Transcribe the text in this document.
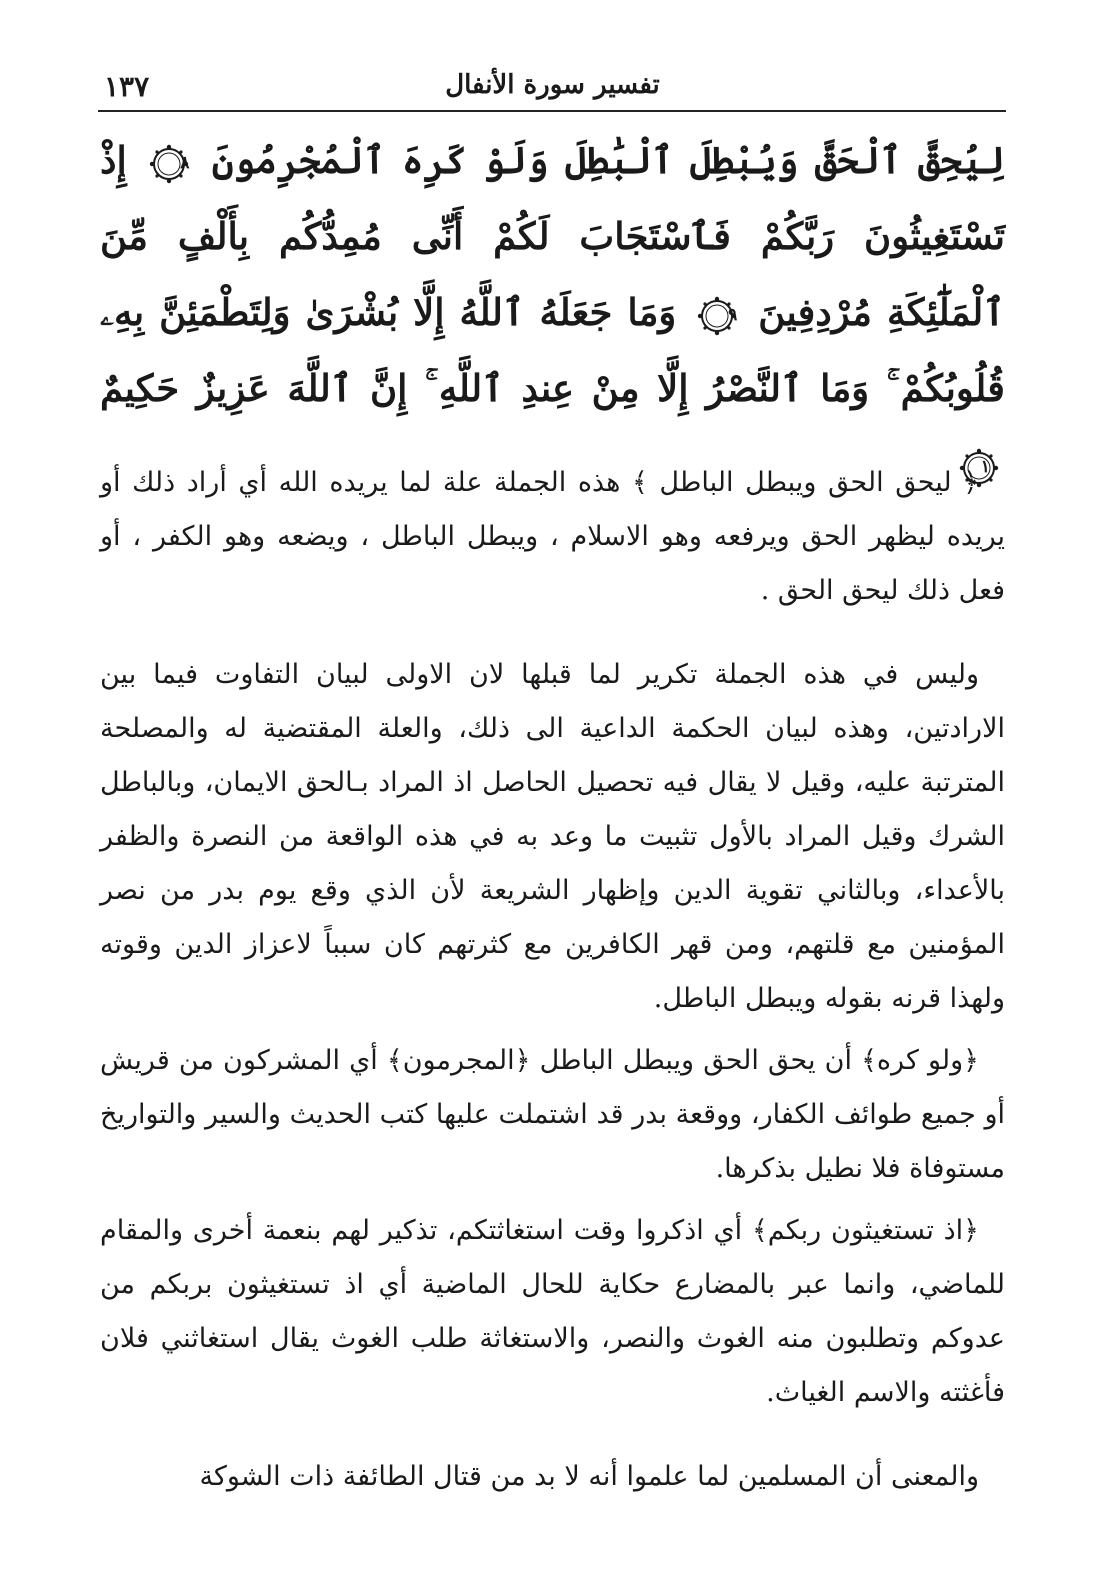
١٣٧	تفسير سورة الأنفال
لِيُحِقَّ ٱلْحَقَّ وَيُبْطِلَ ٱلْبَٰطِلَ وَلَوْ كَرِهَ ٱلْمُجْرِمُونَ
٨
إِذْ تَسْتَغِيثُونَ رَبَّكُمْ فَٱسْتَجَابَ لَكُمْ أَنِّى مُمِدُّكُم بِأَلْفٍ مِّنَ ٱلْمَلَٰٓئِكَةِ مُرْدِفِينَ
٩
وَمَا جَعَلَهُ ٱللَّهُ إِلَّا بُشْرَىٰ وَلِتَطْمَئِنَّ بِهِۦ قُلُوبُكُمْ ۚ وَمَا ٱلنَّصْرُ إِلَّا مِنْ عِندِ ٱللَّهِ ۚ إِنَّ ٱللَّهَ عَزِيزٌ حَكِيمٌ
١٠

﴿ ليحق الحق ويبطل الباطل ﴾ هذه الجملة علة لما يريده الله أي أراد ذلك أو يريده ليظهر الحق ويرفعه وهو الاسلام ، ويبطل الباطل ، ويضعه وهو الكفر ، أو فعل ذلك ليحق الحق .

وليس في هذه الجملة تكرير لما قبلها لان الاولى لبيان التفاوت فيما بين الارادتين، وهذه لبيان الحكمة الداعية الى ذلك، والعلة المقتضية له والمصلحة المترتبة عليه، وقيل لا يقال فيه تحصيل الحاصل اذ المراد بـالحق الايمان، وبالباطل الشرك وقيل المراد بالأول تثبيت ما وعد به في هذه الواقعة من النصرة والظفر بالأعداء، وبالثاني تقوية الدين وإظهار الشريعة لأن الذي وقع يوم بدر من نصر المؤمنين مع قلتهم، ومن قهر الكافرين مع كثرتهم كان سبباً لاعزاز الدين وقوته ولهذا قرنه بقوله ويبطل الباطل.

﴿ولو كره﴾ أن يحق الحق ويبطل الباطل ﴿المجرمون﴾ أي المشركون من قريش أو جميع طوائف الكفار، ووقعة بدر قد اشتملت عليها كتب الحديث والسير والتواريخ مستوفاة فلا نطيل بذكرها.

﴿اذ تستغيثون ربكم﴾ أي اذكروا وقت استغاثتكم، تذكير لهم بنعمة أخرى والمقام للماضي، وانما عبر بالمضارع حكاية للحال الماضية أي اذ تستغيثون بربكم من عدوكم وتطلبون منه الغوث والنصر، والاستغاثة طلب الغوث يقال استغاثني فلان فأغثته والاسم الغياث.

والمعنى أن المسلمين لما علموا أنه لا بد من قتال الطائفة ذات الشوكة
